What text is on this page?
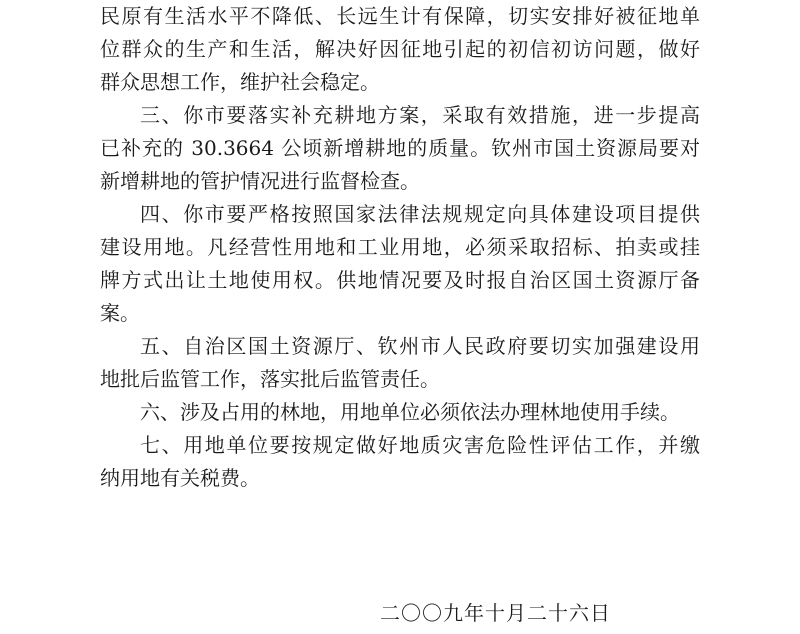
民原有生活水平不降低、长远生计有保障，切实安排好被征地单
位群众的生产和生活，解决好因征地引起的初信初访问题，做好
群众思想工作，维护社会稳定。
三、你市要落实补充耕地方案，采取有效措施，进一步提高
已补充的 30.3664 公顷新增耕地的质量。钦州市国土资源局要对
新增耕地的管护情况进行监督检查。
四、你市要严格按照国家法律法规规定向具体建设项目提供
建设用地。凡经营性用地和工业用地，必须采取招标、拍卖或挂
牌方式出让土地使用权。供地情况要及时报自治区国土资源厅备
案。
五、自治区国土资源厅、钦州市人民政府要切实加强建设用
地批后监管工作，落实批后监管责任。
六、涉及占用的林地，用地单位必须依法办理林地使用手续。
七、用地单位要按规定做好地质灾害危险性评估工作，并缴
纳用地有关税费。
二〇〇九年十月二十六日
